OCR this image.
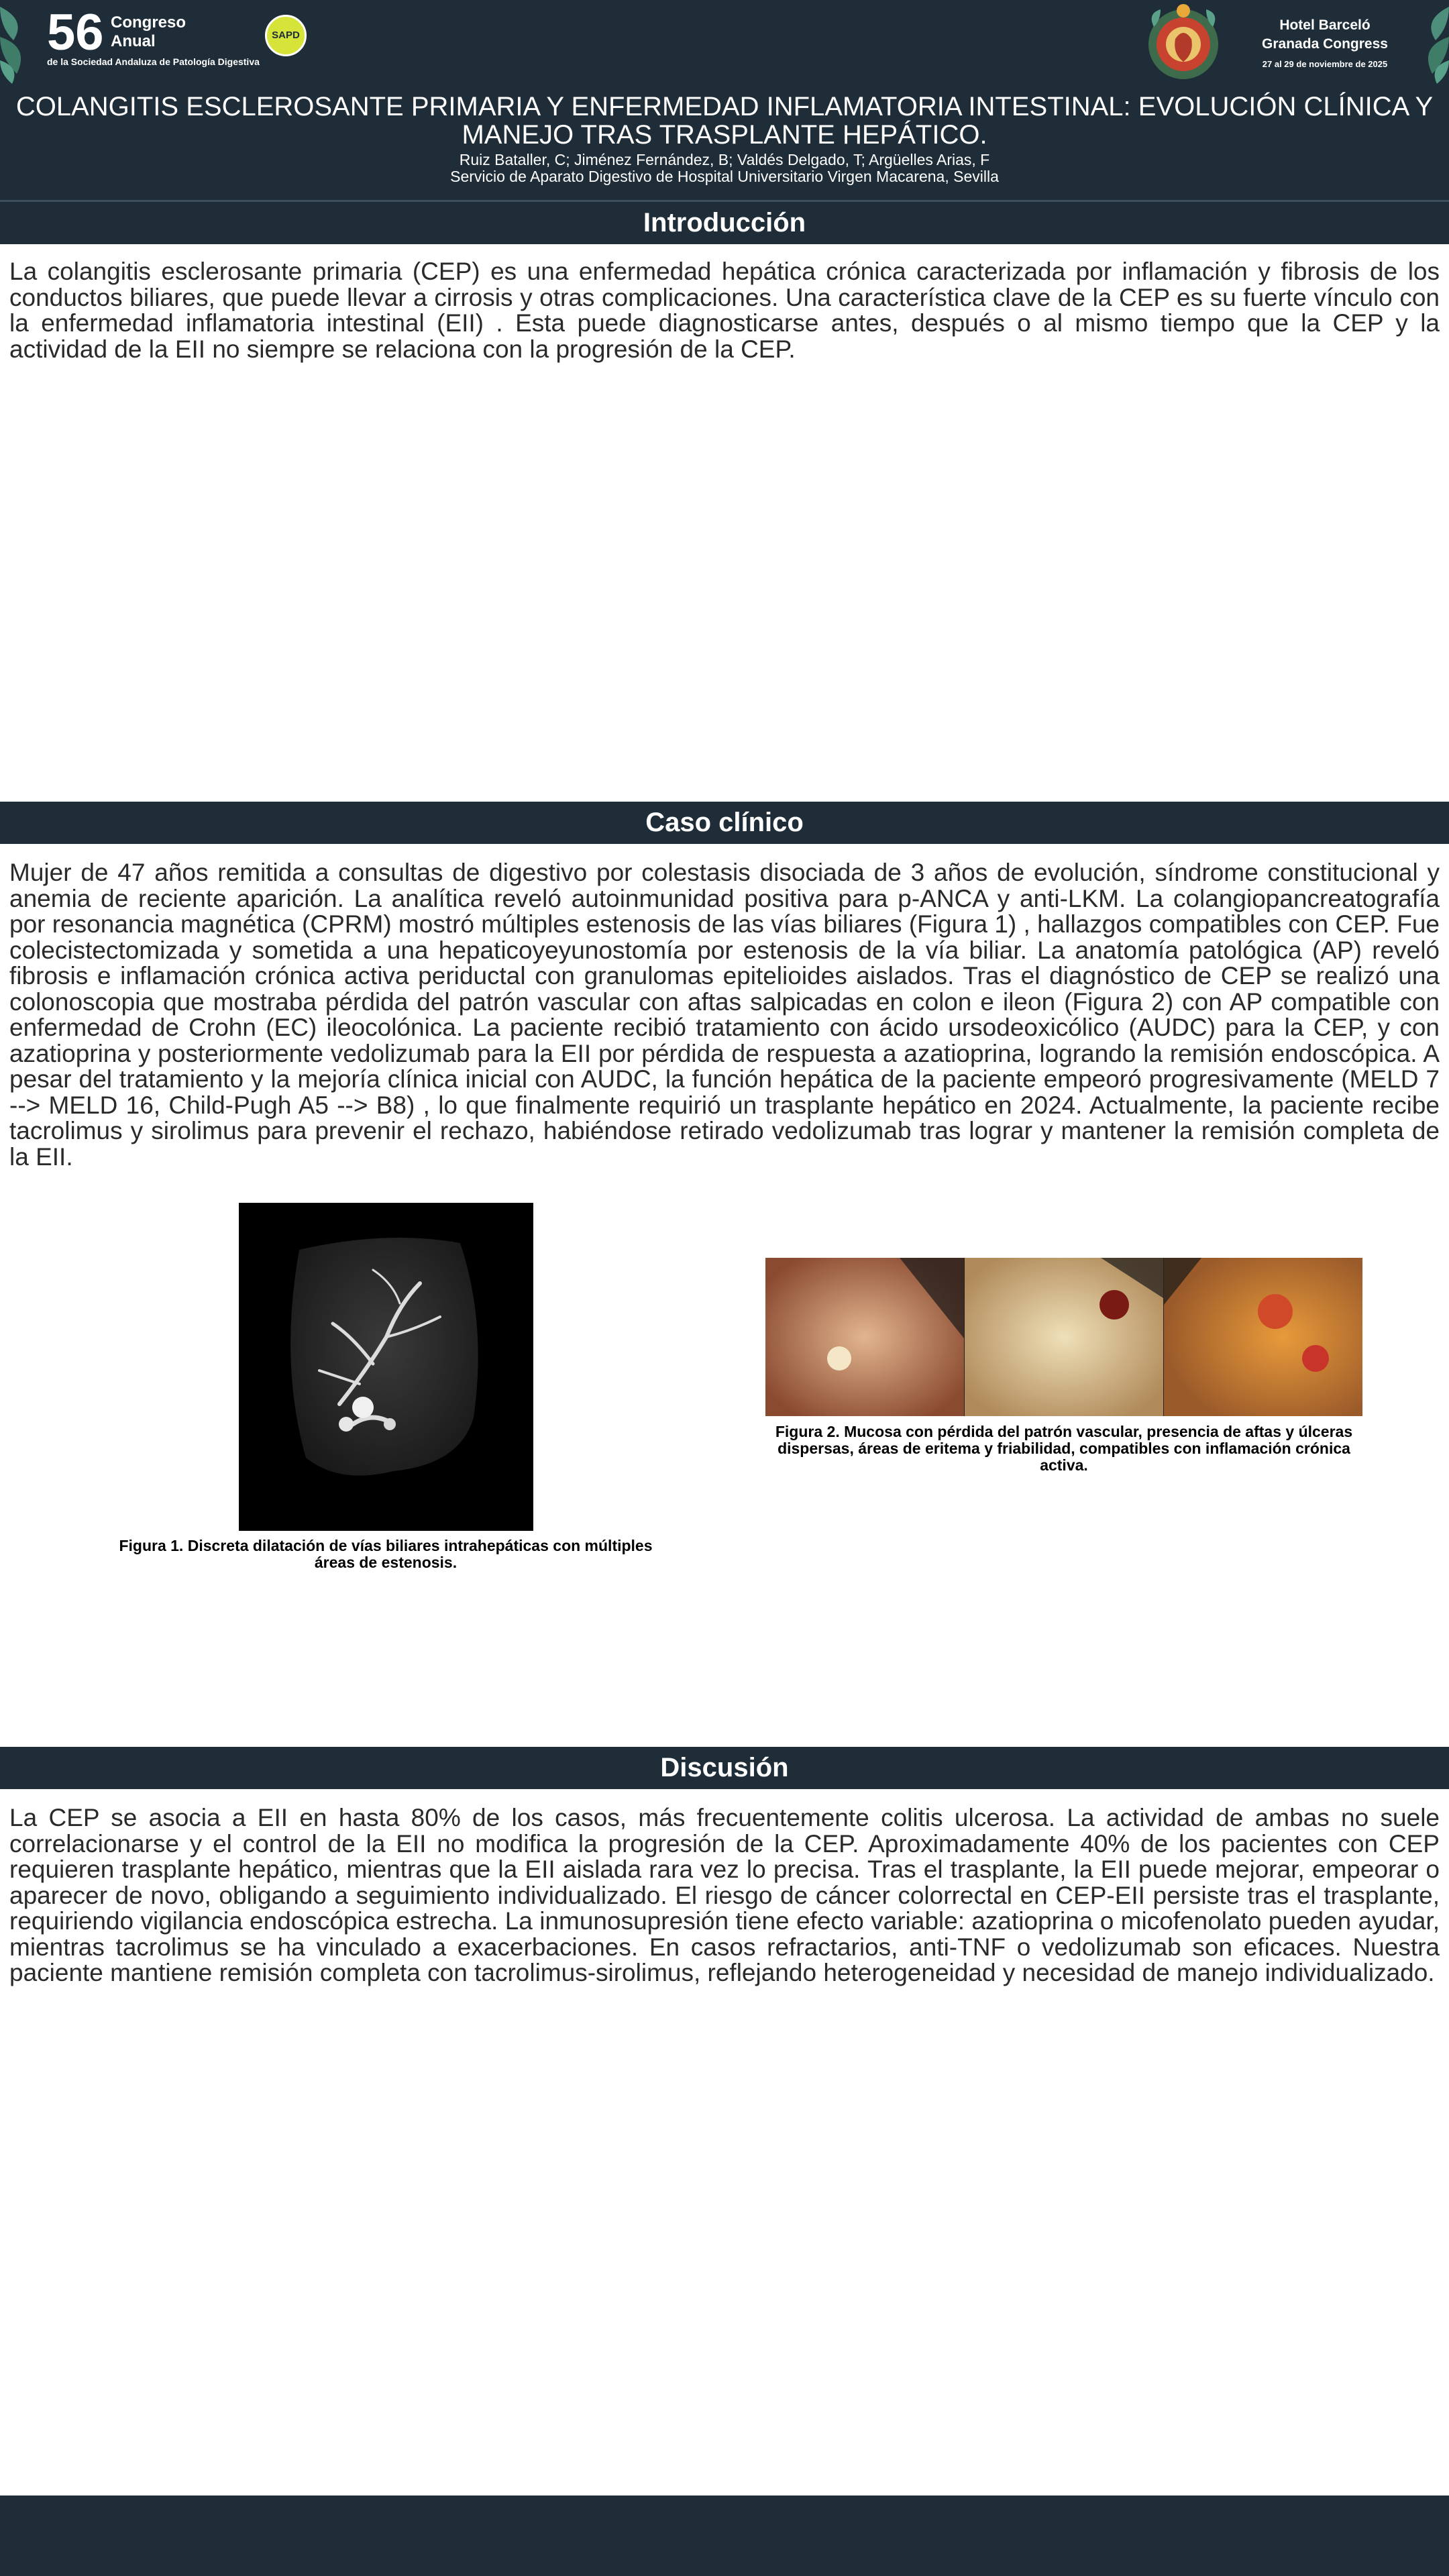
56 Congreso
Anual
de la Sociedad Andaluza de Patología Digestiva
SAPD
Hotel Barceló
Granada Congress
27 al 29 de noviembre de 2025
COLANGITIS ESCLEROSANTE PRIMARIA Y ENFERMEDAD INFLAMATORIA INTESTINAL: EVOLUCIÓN CLÍNICA Y MANEJO TRAS TRASPLANTE HEPÁTICO.
Ruiz Bataller, C; Jiménez Fernández, B; Valdés Delgado, T; Argüelles Arias, F
Servicio de Aparato Digestivo de Hospital Universitario Virgen Macarena, Sevilla
Introducción
La colangitis esclerosante primaria (CEP) es una enfermedad hepática crónica caracterizada por inflamación y fibrosis de los conductos biliares, que puede llevar a cirrosis y otras complicaciones. Una característica clave de la CEP es su fuerte vínculo con la enfermedad inflamatoria intestinal (EII) . Esta puede diagnosticarse antes, después o al mismo tiempo que la CEP y la actividad de la EII no siempre se relaciona con la progresión de la CEP.
Caso clínico
Mujer de 47 años remitida a consultas de digestivo por colestasis disociada de 3 años de evolución, síndrome constitucional y anemia de reciente aparición. La analítica reveló autoinmunidad positiva para p-ANCA y anti-LKM. La colangiopancreatografía por resonancia magnética (CPRM) mostró múltiples estenosis de las vías biliares (Figura 1) , hallazgos compatibles con CEP. Fue colecistectomizada y sometida a una hepaticoyeyunostomía por estenosis de la vía biliar. La anatomía patológica (AP) reveló fibrosis e inflamación crónica activa periductal con granulomas epitelioides aislados. Tras el diagnóstico de CEP se realizó una colonoscopia que mostraba pérdida del patrón vascular con aftas salpicadas en colon e ileon (Figura 2) con AP compatible con enfermedad de Crohn (EC) ileocolónica. La paciente recibió tratamiento con ácido ursodeoxicólico (AUDC) para la CEP, y con azatioprina y posteriormente vedolizumab para la EII por pérdida de respuesta a azatioprina, logrando la remisión endoscópica. A pesar del tratamiento y la mejoría clínica inicial con AUDC, la función hepática de la paciente empeoró progresivamente (MELD 7 --> MELD 16, Child-Pugh A5 --> B8) , lo que finalmente requirió un trasplante hepático en 2024. Actualmente, la paciente recibe tacrolimus y sirolimus para prevenir el rechazo, habiéndose retirado vedolizumab tras lograr y mantener la remisión completa de la EII.
Figura 1. Discreta dilatación de vías biliares intrahepáticas con múltiples áreas de estenosis.
Figura 2. Mucosa con pérdida del patrón vascular, presencia de aftas y úlceras dispersas, áreas de eritema y friabilidad, compatibles con inflamación crónica activa.
Discusión
La CEP se asocia a EII en hasta 80% de los casos, más frecuentemente colitis ulcerosa. La actividad de ambas no suele correlacionarse y el control de la EII no modifica la progresión de la CEP. Aproximadamente 40% de los pacientes con CEP requieren trasplante hepático, mientras que la EII aislada rara vez lo precisa. Tras el trasplante, la EII puede mejorar, empeorar o aparecer de novo, obligando a seguimiento individualizado. El riesgo de cáncer colorrectal en CEP-EII persiste tras el trasplante, requiriendo vigilancia endoscópica estrecha. La inmunosupresión tiene efecto variable: azatioprina o micofenolato pueden ayudar, mientras tacrolimus se ha vinculado a exacerbaciones. En casos refractarios, anti-TNF o vedolizumab son eficaces. Nuestra paciente mantiene remisión completa con tacrolimus-sirolimus, reflejando heterogeneidad y necesidad de manejo individualizado.
